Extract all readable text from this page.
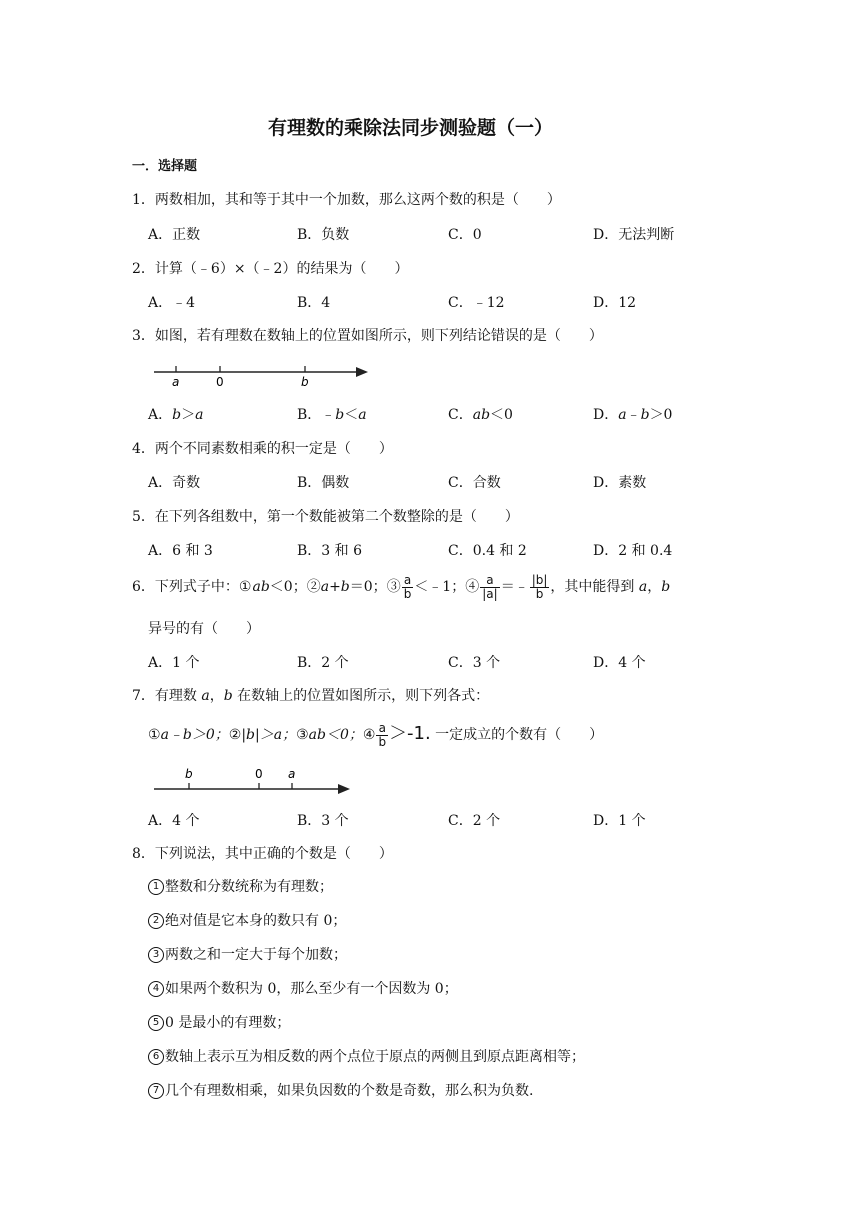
有理数的乘除法同步测验题（一）
一．选择题
1．两数相加，其和等于其中一个加数，那么这两个数的积是（　　）
A．正数	B．负数	C．0	D．无法判断
2．计算（﹣6）×（﹣2）的结果为（　　）
A．﹣4	B．4	C．﹣12	D．12
3．如图，若有理数在数轴上的位置如图所示，则下列结论错误的是（　　）
a	0	b
A．b＞a	B．﹣b＜a	C．ab＜0	D．a﹣b＞0
4．两个不同素数相乘的积一定是（　　）
A．奇数	B．偶数	C．合数	D．素数
5．在下列各组数中，第一个数能被第二个数整除的是（　　）
A．6 和 3	B．3 和 6	C．0.4 和 2	D．2 和 0.4
6．下列式子中：①ab＜0；②a+b＝0；③ $\frac{a}{b}$ ＜﹣1；④ $\frac{a}{|a|}$ ＝﹣ $\frac{|b|}{b}$ ，其中能得到 a，b
异号的有（　　）
A．1 个	B．2 个	C．3 个	D．4 个
7．有理数 a，b 在数轴上的位置如图所示，则下列各式：
①a﹣b＞0；②|b|＞a；③ab＜0；④ $\frac{a}{b} >-1$. 一定成立的个数有（　　）
b	0 a
A．4 个	B．3 个	C．2 个	D．1 个
8．下列说法，其中正确的个数是（　　）
1 整数和分数统称为有理数；
2 绝对值是它本身的数只有 0；
3 两数之和一定大于每个加数；
4 如果两个数积为 0，那么至少有一个因数为 0；
5 0 是最小的有理数；
6 数轴上表示互为相反数的两个点位于原点的两侧且到原点距离相等；
7 几个有理数相乘，如果负因数的个数是奇数，那么积为负数.
